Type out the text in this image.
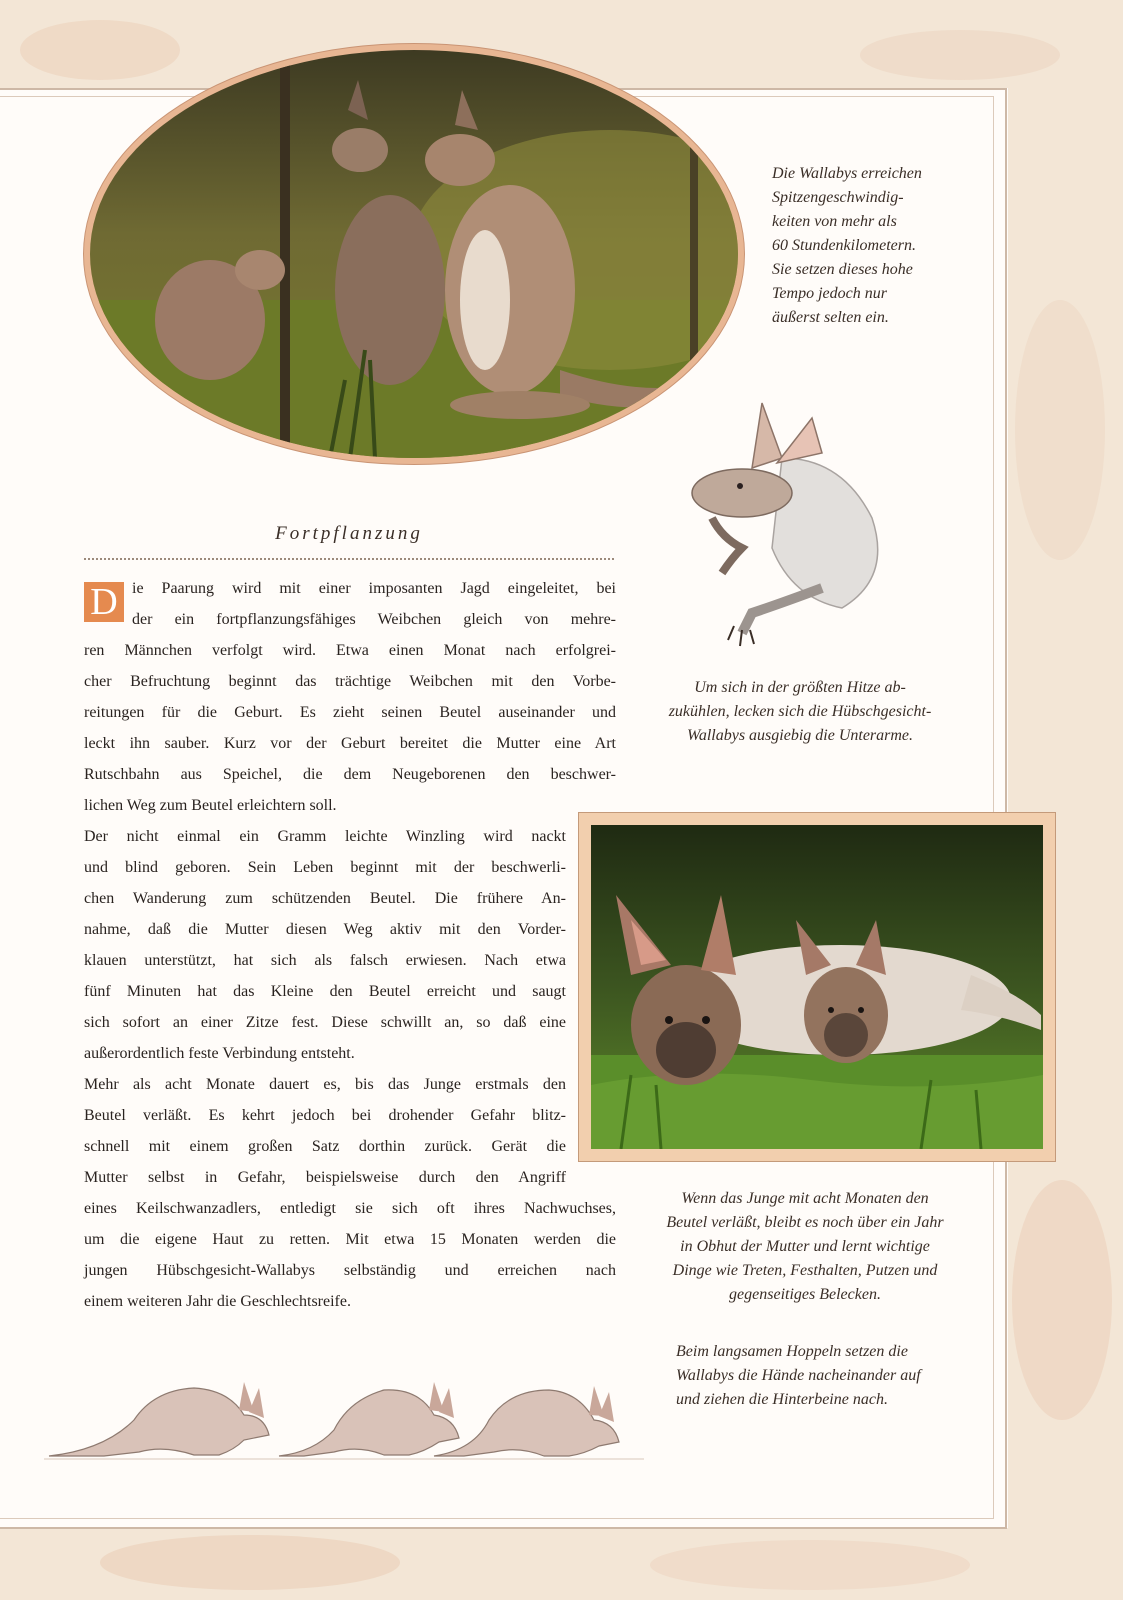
Die Wallabys erreichen
Spitzengeschwindig-
keiten von mehr als
60 Stundenkilometern.
Sie setzen dieses hohe
Tempo jedoch nur
äußerst selten ein.
Um sich in der größten Hitze ab-
zukühlen, lecken sich die Hübschgesicht-
Wallabys ausgiebig die Unterarme.
Fortpflanzung
D ie Paarung wird mit einer imposanten Jagd eingeleitet, bei
der ein fortpflanzungsfähiges Weibchen gleich von mehre-
ren Männchen verfolgt wird. Etwa einen Monat nach erfolgrei-
cher Befruchtung beginnt das trächtige Weibchen mit den Vorbe-
reitungen für die Geburt. Es zieht seinen Beutel auseinander und
leckt ihn sauber. Kurz vor der Geburt bereitet die Mutter eine Art
Rutschbahn aus Speichel, die dem Neugeborenen den beschwer-
lichen Weg zum Beutel erleichtern soll.
Der nicht einmal ein Gramm leichte Winzling wird nackt
und blind geboren. Sein Leben beginnt mit der beschwerli-
chen Wanderung zum schützenden Beutel. Die frühere An-
nahme, daß die Mutter diesen Weg aktiv mit den Vorder-
klauen unterstützt, hat sich als falsch erwiesen. Nach etwa
fünf Minuten hat das Kleine den Beutel erreicht und saugt
sich sofort an einer Zitze fest. Diese schwillt an, so daß eine
außerordentlich feste Verbindung entsteht.
Mehr als acht Monate dauert es, bis das Junge erstmals den
Beutel verläßt. Es kehrt jedoch bei drohender Gefahr blitz-
schnell mit einem großen Satz dorthin zurück. Gerät die
Mutter selbst in Gefahr, beispielsweise durch den Angriff
eines Keilschwanzadlers, entledigt sie sich oft ihres Nachwuchses,
um die eigene Haut zu retten. Mit etwa 15 Monaten werden die
jungen Hübschgesicht-Wallabys selbständig und erreichen nach
einem weiteren Jahr die Geschlechtsreife.
Wenn das Junge mit acht Monaten den
Beutel verläßt, bleibt es noch über ein Jahr
in Obhut der Mutter und lernt wichtige
Dinge wie Treten, Festhalten, Putzen und
gegenseitiges Belecken.
Beim langsamen Hoppeln setzen die
Wallabys die Hände nacheinander auf
und ziehen die Hinterbeine nach.
